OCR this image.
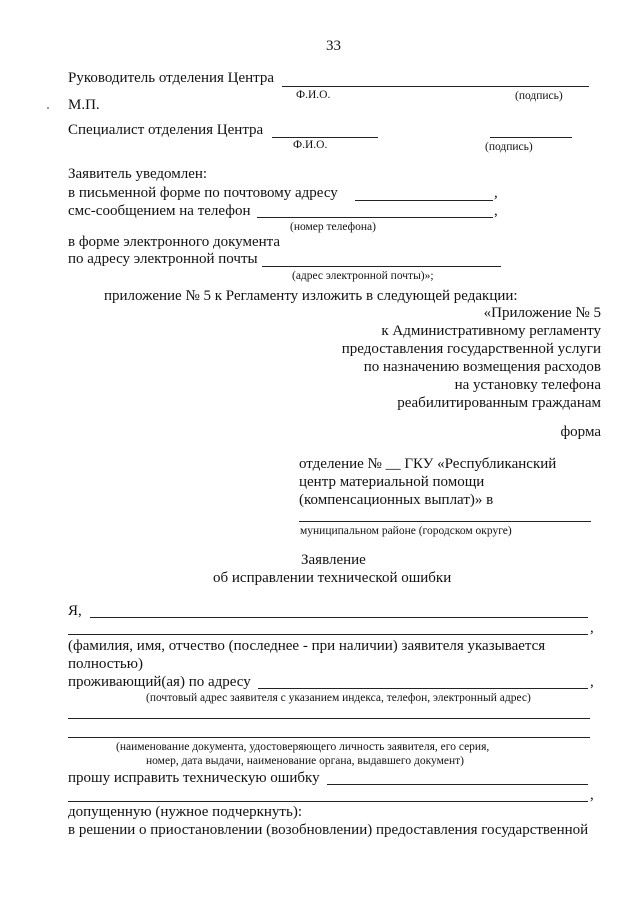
33
Руководитель отделения Центра
Ф.И.О.	(подпись)
М.П.
Специалист отделения Центра
Ф.И.О.	(подпись)
Заявитель уведомлен:
в письменной форме по почтовому адресу	,
смс-сообщением на телефон	,
(номер телефона)
в форме электронного документа
по адресу электронной почты
(адрес электронной почты)»;
приложение № 5 к Регламенту изложить в следующей редакции:
«Приложение № 5
к Административному регламенту
предоставления государственной услуги
по назначению возмещения расходов
на установку телефона
реабилитированным гражданам
форма
отделение № __ ГКУ «Республиканский
центр материальной помощи
(компенсационных выплат)» в
муниципальном районе (городском округе)
Заявление
об исправлении технической ошибки
Я,
,
(фамилия, имя, отчество (последнее - при наличии) заявителя указывается
полностью)
проживающий(ая) по адресу	,
(почтовый адрес заявителя с указанием индекса, телефон, электронный адрес)
(наименование документа, удостоверяющего личность заявителя, его серия,
номер, дата выдачи, наименование органа, выдавшего документ)
прошу исправить техническую ошибку
,
допущенную (нужное подчеркнуть):
в решении о приостановлении (возобновлении) предоставления государственной
